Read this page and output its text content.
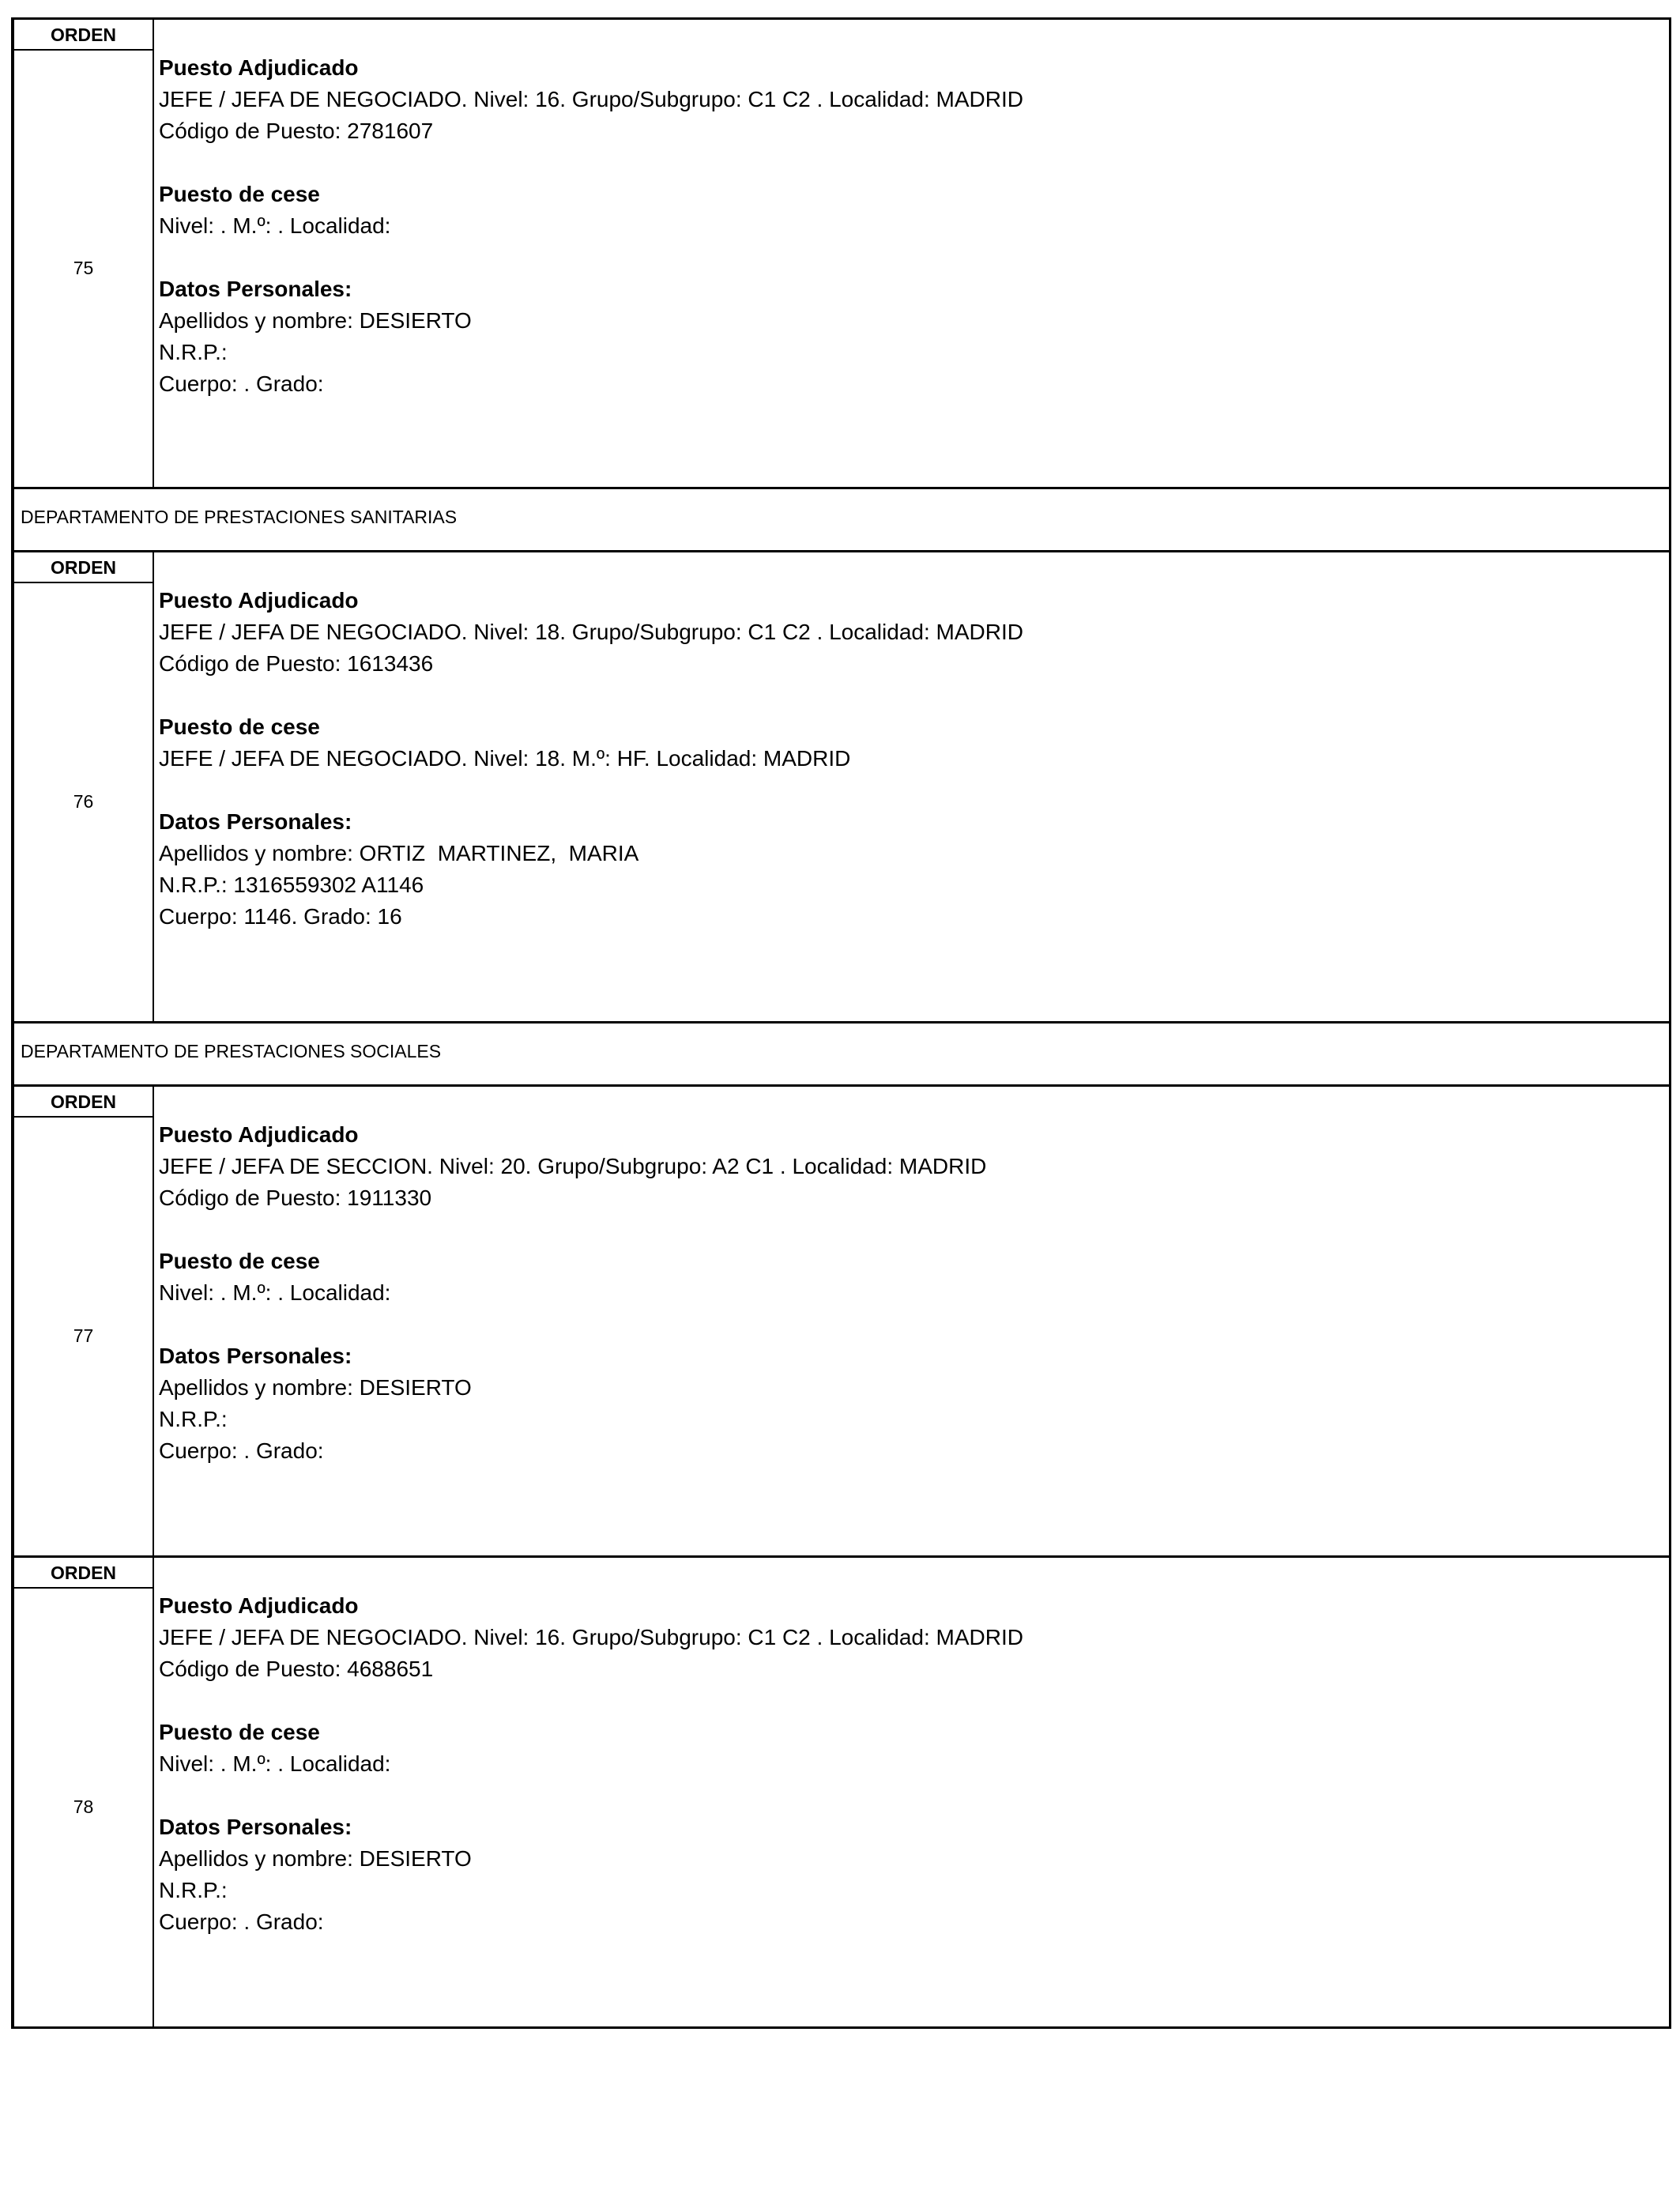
ORDEN
75
Puesto Adjudicado
JEFE / JEFA DE NEGOCIADO. Nivel: 16. Grupo/Subgrupo: C1 C2 . Localidad: MADRID
Código de Puesto: 2781607
Puesto de cese
Nivel: . M.º: . Localidad:
Datos Personales:
Apellidos y nombre: DESIERTO
N.R.P.:
Cuerpo: . Grado:
DEPARTAMENTO DE PRESTACIONES SANITARIAS
ORDEN
76
Puesto Adjudicado
JEFE / JEFA DE NEGOCIADO. Nivel: 18. Grupo/Subgrupo: C1 C2 . Localidad: MADRID
Código de Puesto: 1613436
Puesto de cese
JEFE / JEFA DE NEGOCIADO. Nivel: 18. M.º: HF. Localidad: MADRID
Datos Personales:
Apellidos y nombre: ORTIZ  MARTINEZ,  MARIA
N.R.P.: 1316559302 A1146
Cuerpo: 1146. Grado: 16
DEPARTAMENTO DE PRESTACIONES SOCIALES
ORDEN
77
Puesto Adjudicado
JEFE / JEFA DE SECCION. Nivel: 20. Grupo/Subgrupo: A2 C1 . Localidad: MADRID
Código de Puesto: 1911330
Puesto de cese
Nivel: . M.º: . Localidad:
Datos Personales:
Apellidos y nombre: DESIERTO
N.R.P.:
Cuerpo: . Grado:
ORDEN
78
Puesto Adjudicado
JEFE / JEFA DE NEGOCIADO. Nivel: 16. Grupo/Subgrupo: C1 C2 . Localidad: MADRID
Código de Puesto: 4688651
Puesto de cese
Nivel: . M.º: . Localidad:
Datos Personales:
Apellidos y nombre: DESIERTO
N.R.P.:
Cuerpo: . Grado:
